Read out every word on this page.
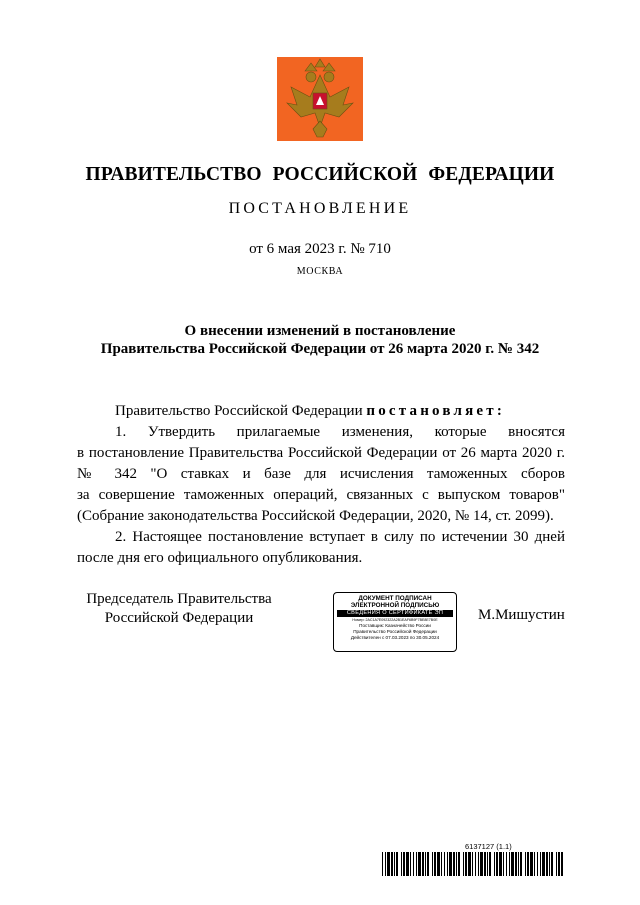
ПРАВИТЕЛЬСТВО РОССИЙСКОЙ ФЕДЕРАЦИИ
ПОСТАНОВЛЕНИЕ
от 6 мая 2023 г. № 710
МОСКВА
О внесении изменений в постановление
Правительства Российской Федерации от 26 марта 2020 г. № 342
Правительство Российской Федерации постановляет:
1. Утвердить прилагаемые изменения, которые вносятся
в постановление Правительства Российской Федерации от 26 марта 2020 г.
№ 342 "О ставках и базе для исчисления таможенных сборов
за совершение таможенных операций, связанных с выпуском товаров"
(Собрание законодательства Российской Федерации, 2020, № 14, ст. 2099).
2. Настоящее постановление вступает в силу по истечении 30 дней
после дня его официального опубликования.
Председатель Правительства
Российской Федерации
ДОКУМЕНТ ПОДПИСАН
ЭЛЕКТРОННОЙ ПОДПИСЬЮ
СВЕДЕНИЯ О СЕРТИФИКАТЕ ЭП
Номер: 2AC1A7E092322A2B1EAF6B9F7BE8E7B0E
Поставщик: Казначейство России
Правительство Российской Федерации
Действителен с 07.03.2023 по 30.05.2024
М.Мишустин
6137127 (1.1)
